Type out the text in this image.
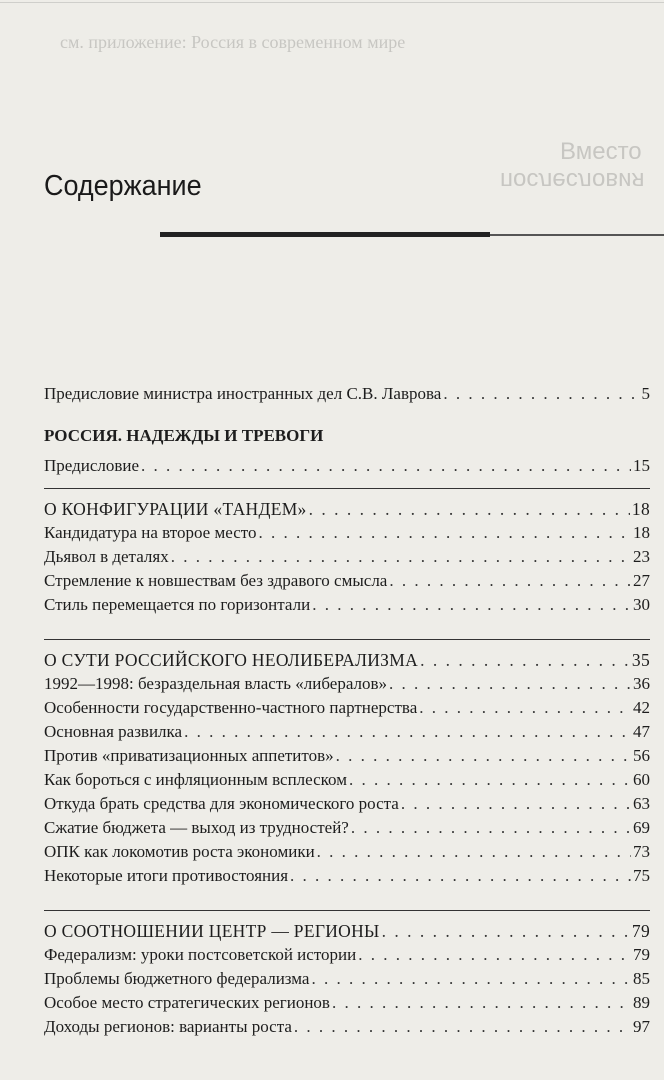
см. приложение: Россия в современном мире
Вместо
послесловия
Содержание
Предисловие министра иностранных дел С.В. Лаврова . . .	5
РОССИЯ. НАДЕЖДЫ И ТРЕВОГИ
Предисловие . . .	15
О КОНФИГУРАЦИИ «ТАНДЕМ» . . .	18
Кандидатура на второе место . . .	18
Дьявол в деталях . . .	23
Стремление к новшествам без здравого смысла . . .	27
Стиль перемещается по горизонтали . . .	30
О СУТИ РОССИЙСКОГО НЕОЛИБЕРАЛИЗМА . . .	35
1992—1998: безраздельная власть «либералов» . . .	36
Особенности государственно-частного партнерства . . .	42
Основная развилка . . .	47
Против «приватизационных аппетитов» . . .	56
Как бороться с инфляционным всплеском . . .	60
Откуда брать средства для экономического роста . . .	63
Сжатие бюджета — выход из трудностей? . . .	69
ОПК как локомотив роста экономики . . .	73
Некоторые итоги противостояния . . .	75
О СООТНОШЕНИИ ЦЕНТР — РЕГИОНЫ . . .	79
Федерализм: уроки постсоветской истории . . .	79
Проблемы бюджетного федерализма . . .	85
Особое место стратегических регионов . . .	89
Доходы регионов: варианты роста . . .	97
